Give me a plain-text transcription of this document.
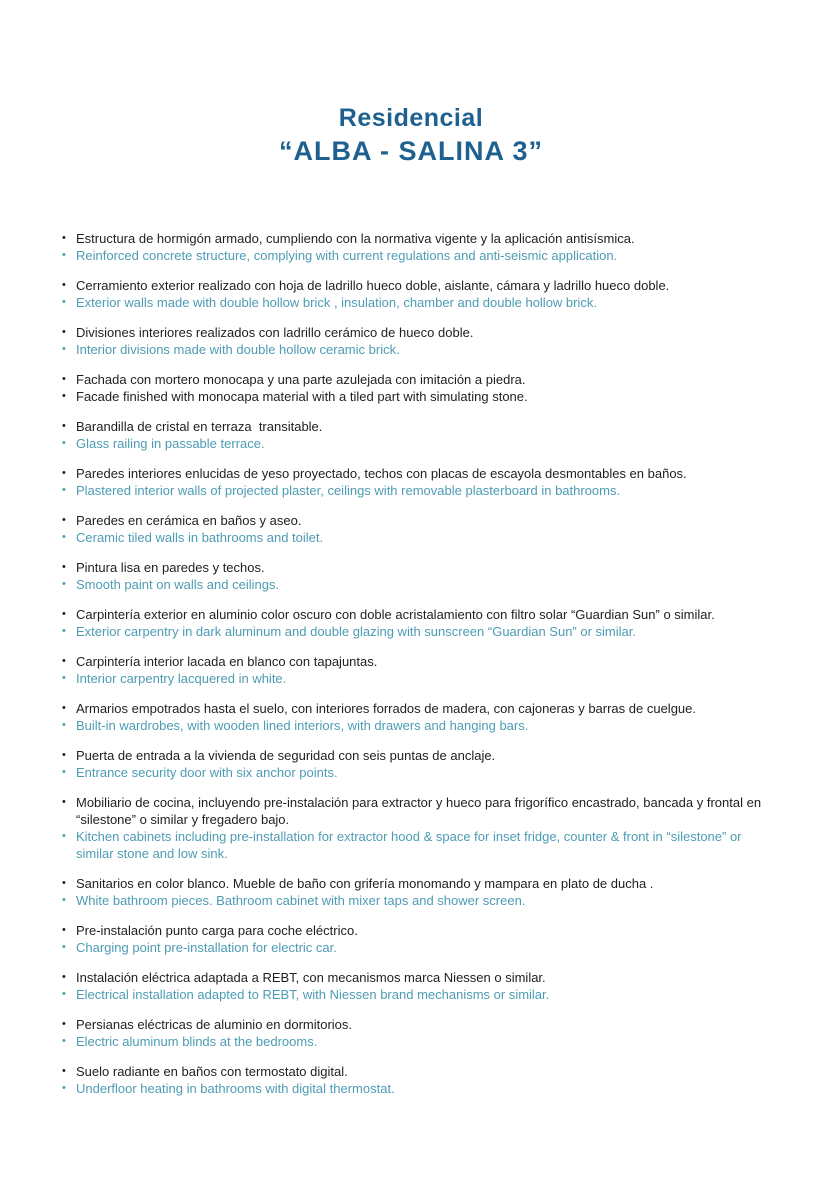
Residencial
“ALBA - SALINA 3”
• Estructura de hormigón armado, cumpliendo con la normativa vigente y la aplicación antisísmica.
• Reinforced concrete structure, complying with current regulations and anti-seismic application.
• Cerramiento exterior realizado con hoja de ladrillo hueco doble, aislante, cámara y ladrillo hueco doble.
• Exterior walls made with double hollow brick , insulation, chamber and double hollow brick.
• Divisiones interiores realizados con ladrillo cerámico de hueco doble.
• Interior divisions made with double hollow ceramic brick.
• Fachada con mortero monocapa y una parte azulejada con imitación a piedra.
• Facade finished with monocapa material with a tiled part with simulating stone.
• Barandilla de cristal en terraza  transitable.
• Glass railing in passable terrace.
• Paredes interiores enlucidas de yeso proyectado, techos con placas de escayola desmontables en baños.
• Plastered interior walls of projected plaster, ceilings with removable plasterboard in bathrooms.
• Paredes en cerámica en baños y aseo.
• Ceramic tiled walls in bathrooms and toilet.
• Pintura lisa en paredes y techos.
• Smooth paint on walls and ceilings.
• Carpintería exterior en aluminio color oscuro con doble acristalamiento con filtro solar “Guardian Sun” o similar.
• Exterior carpentry in dark aluminum and double glazing with sunscreen “Guardian Sun” or similar.
• Carpintería interior lacada en blanco con tapajuntas.
• Interior carpentry lacquered in white.
• Armarios empotrados hasta el suelo, con interiores forrados de madera, con cajoneras y barras de cuelgue.
• Built-in wardrobes, with wooden lined interiors, with drawers and hanging bars.
• Puerta de entrada a la vivienda de seguridad con seis puntas de anclaje.
• Entrance security door with six anchor points.
• Mobiliario de cocina, incluyendo pre-instalación para extractor y hueco para frigorífico encastrado, bancada y frontal en “silestone” o similar y fregadero bajo.
• Kitchen cabinets including pre-installation for extractor hood & space for inset fridge, counter & front in “silestone” or similar stone and low sink.
• Sanitarios en color blanco. Mueble de baño con grifería monomando y mampara en plato de ducha .
• White bathroom pieces. Bathroom cabinet with mixer taps and shower screen.
• Pre-instalación punto carga para coche eléctrico.
• Charging point pre-installation for electric car.
• Instalación eléctrica adaptada a REBT, con mecanismos marca Niessen o similar.
• Electrical installation adapted to REBT, with Niessen brand mechanisms or similar.
• Persianas eléctricas de aluminio en dormitorios.
• Electric aluminum blinds at the bedrooms.
• Suelo radiante en baños con termostato digital.
• Underfloor heating in bathrooms with digital thermostat.
